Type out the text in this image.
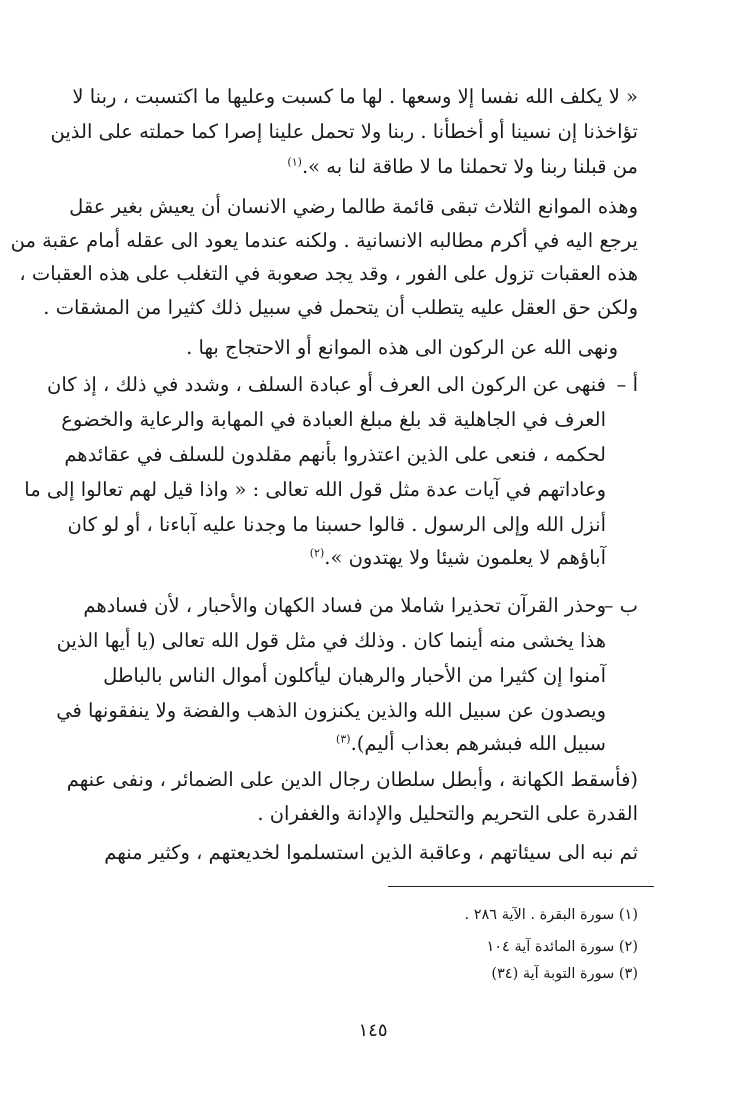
« لا يكلف الله نفسا إلا وسعها . لها ما كسبت وعليها ما اكتسبت ، ربنا لا
تؤاخذنا إن نسينا أو أخطأنا . ربنا ولا تحمل علينا إصرا كما حملته على الذين
من قبلنا ربنا ولا تحملنا ما لا طاقة لنا به ».$^{(١)}$
وهذه الموانع الثلاث تبقى قائمة طالما رضي الانسان أن يعيش بغير عقل
يرجع اليه في أكرم مطالبه الانسانية . ولكنه عندما يعود الى عقله أمام عقبة من
هذه العقبات تزول على الفور ، وقد يجد صعوبة في التغلب على هذه العقبات ،
ولكن حق العقل عليه يتطلب أن يتحمل في سبيل ذلك كثيرا من المشقات .
ونهى الله عن الركون الى هذه الموانع أو الاحتجاج بها .
أ –
فنهى عن الركون الى العرف أو عبادة السلف ، وشدد في ذلك ، إذ كان
العرف في الجاهلية قد بلغ مبلغ العبادة في المهابة والرعاية والخضوع
لحكمه ، فنعى على الذين اعتذروا بأنهم مقلدون للسلف في عقائدهم
وعاداتهم في آيات عدة مثل قول الله تعالى : « واذا قيل لهم تعالوا إلى ما
أنزل الله وإلى الرسول . قالوا حسبنا ما وجدنا عليه آباءنا ، أو لو كان
آباؤهم لا يعلمون شيئا ولا يهتدون ».$^{(٢)}$
ب –
وحذر القرآن تحذيرا شاملا من فساد الكهان والأحبار ، لأن فسادهم
هذا يخشى منه أينما كان . وذلك في مثل قول الله تعالى (يا أيها الذين
آمنوا إن كثيرا من الأحبار والرهبان ليأكلون أموال الناس بالباطل
ويصدون عن سبيل الله والذين يكنزون الذهب والفضة ولا ينفقونها في
سبيل الله فبشرهم بعذاب أليم).$^{(٣)}$
(فأسقط الكهانة ، وأبطل سلطان رجال الدين على الضمائر ، ونفى عنهم
القدرة على التحريم والتحليل والإدانة والغفران .
ثم نبه الى سيئاتهم ، وعاقبة الذين استسلموا لخديعتهم ، وكثير منهم
(١) سورة البقرة . الآية ٢٨٦ .
(٢) سورة المائدة آية ١٠٤
(٣) سورة التوبة آية (٣٤)
١٤٥
